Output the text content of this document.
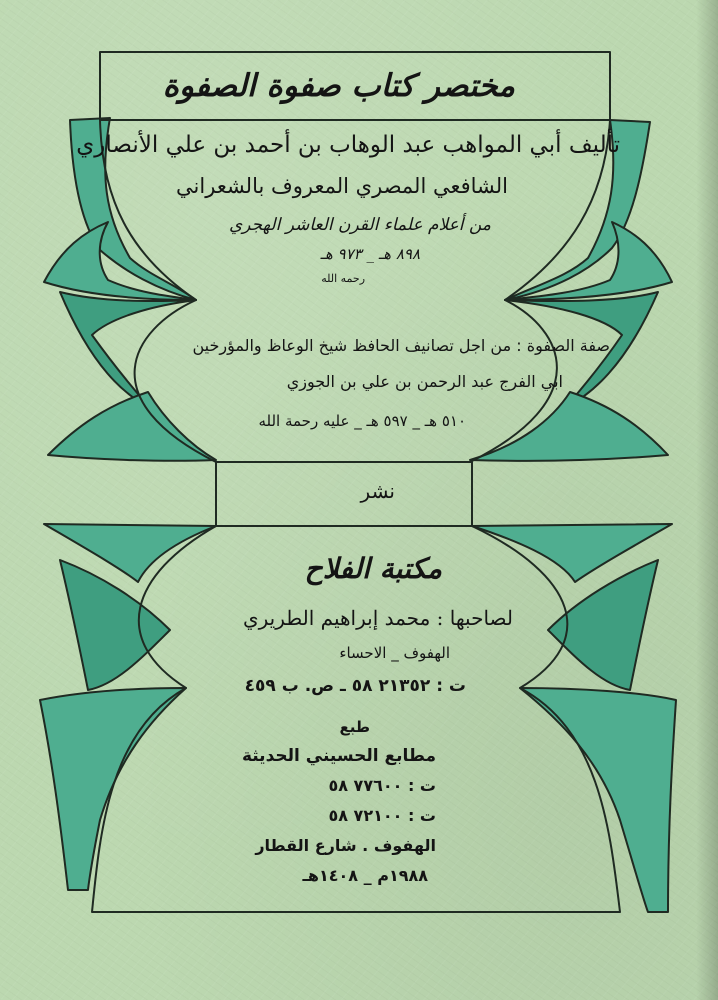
مختصر كتاب صفوة الصفوة
تأليف أبي المواهب عبد الوهاب بن أحمد بن علي الأنصاري
الشافعي المصري المعروف بالشعراني
من أعلام علماء القرن العاشر الهجري
٨٩٨ هـ _ ٩٧٣ هـ
رحمه الله
صفة الصفوة : من اجل تصانيف الحافظ شيخ الوعاظ والمؤرخين
ابي الفرج عبد الرحمن بن علي بن الجوزي
٥١٠ هـ _ ٥٩٧ هـ _ عليه رحمة الله
نشر
مكتبة الفلاح
لصاحبها : محمد إبراهيم الطريري
الهفوف _ الاحساء
ت : ٢١٣٥٢ ٥٨ ـ ص. ب ٤٥٩
طبع
مطابع الحسيني الحديثة
ت : ٧٧٦٠٠ ٥٨
ت : ٧٢١٠٠ ٥٨
الهفوف . شارع القطار
١٩٨٨م _ ١٤٠٨هـ
